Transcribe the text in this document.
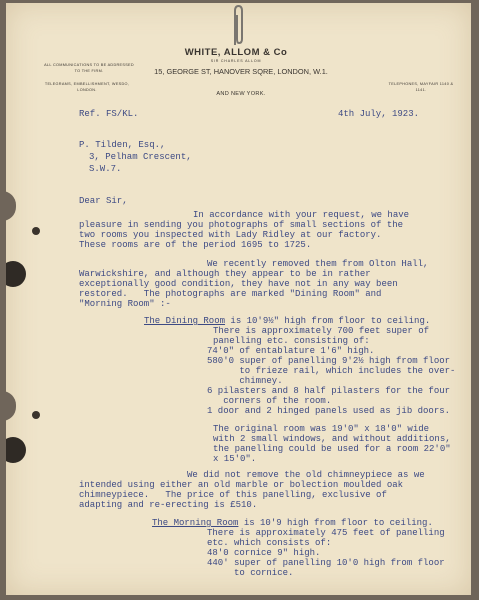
WHITE, ALLOM & Co
SIR CHARLES ALLOM
15, GEORGE ST, HANOVER SQRE, LONDON, W.1.
AND NEW YORK.
ALL COMMUNICATIONS TO BE ADDRESSED TO THE FIRM.
TELEGRAMS, EMBELLISHMENT, WESDO, LONDON.
TELEPHONES, MAYFAIR 1140 & 1141.
Ref. FS/KL.	4th July, 1923.
P. Tilden, Esq.,
3, Pelham Crescent,
S.W.7.
Dear Sir,
In accordance with your request, we have
pleasure in sending you photographs of small sections of the
two rooms you inspected with Lady Ridley at our factory.
These rooms are of the period 1695 to 1725.
We recently removed them from Olton Hall,
Warwickshire, and although they appear to be in rather
exceptionally good condition, they have not in any way been
restored.   The photographs are marked "Dining Room" and
"Morning Room" :-
The Dining Room is 10'9½" high from floor to ceiling.
There is approximately 700 feet super of
panelling etc. consisting of:
74'0" of entablature 1'6" high.
580'0 super of panelling 9'2½ high from floor
to frieze rail, which includes the over-
chimney.
6 pilasters and 8 half pilasters for the four
corners of the room.
1 door and 2 hinged panels used as jib doors.
The original room was 19'0" x 18'0" wide
with 2 small windows, and without additions,
the panelling could be used for a room 22'0"
x 15'0".
We did not remove the old chimneypiece as we
intended using either an old marble or bolection moulded oak
chimneypiece.   The price of this panelling, exclusive of
adapting and re-erecting is £510.
The Morning Room is 10'9 high from floor to ceiling.
There is approximately 475 feet of panelling
etc. which consists of:
48'0 cornice 9" high.
440' super of panelling 10'0 high from floor
to cornice.
